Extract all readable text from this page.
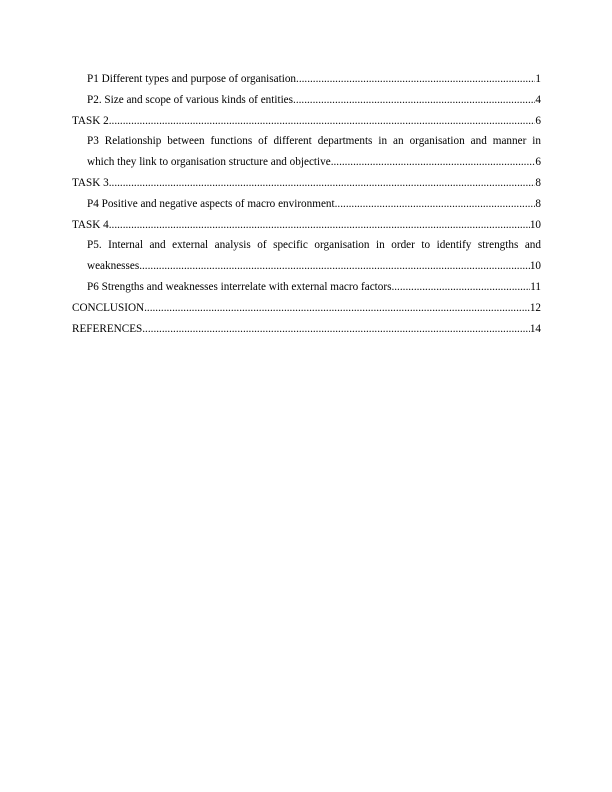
P1 Different types and purpose of organisation .....	1
P2. Size and scope of various kinds of entities .....	4
TASK 2 .....	6
P3 Relationship between functions of different departments in an organisation and manner in
which they link to organisation structure and objective .....	6
TASK 3 .....	8
P4 Positive and negative aspects of macro environment .....	8
TASK 4 .....	10
P5. Internal and external analysis of specific organisation in order to identify strengths and
weaknesses .....	10
P6 Strengths and weaknesses interrelate with external macro factors .....	11
CONCLUSION .....	12
REFERENCES .....	14
